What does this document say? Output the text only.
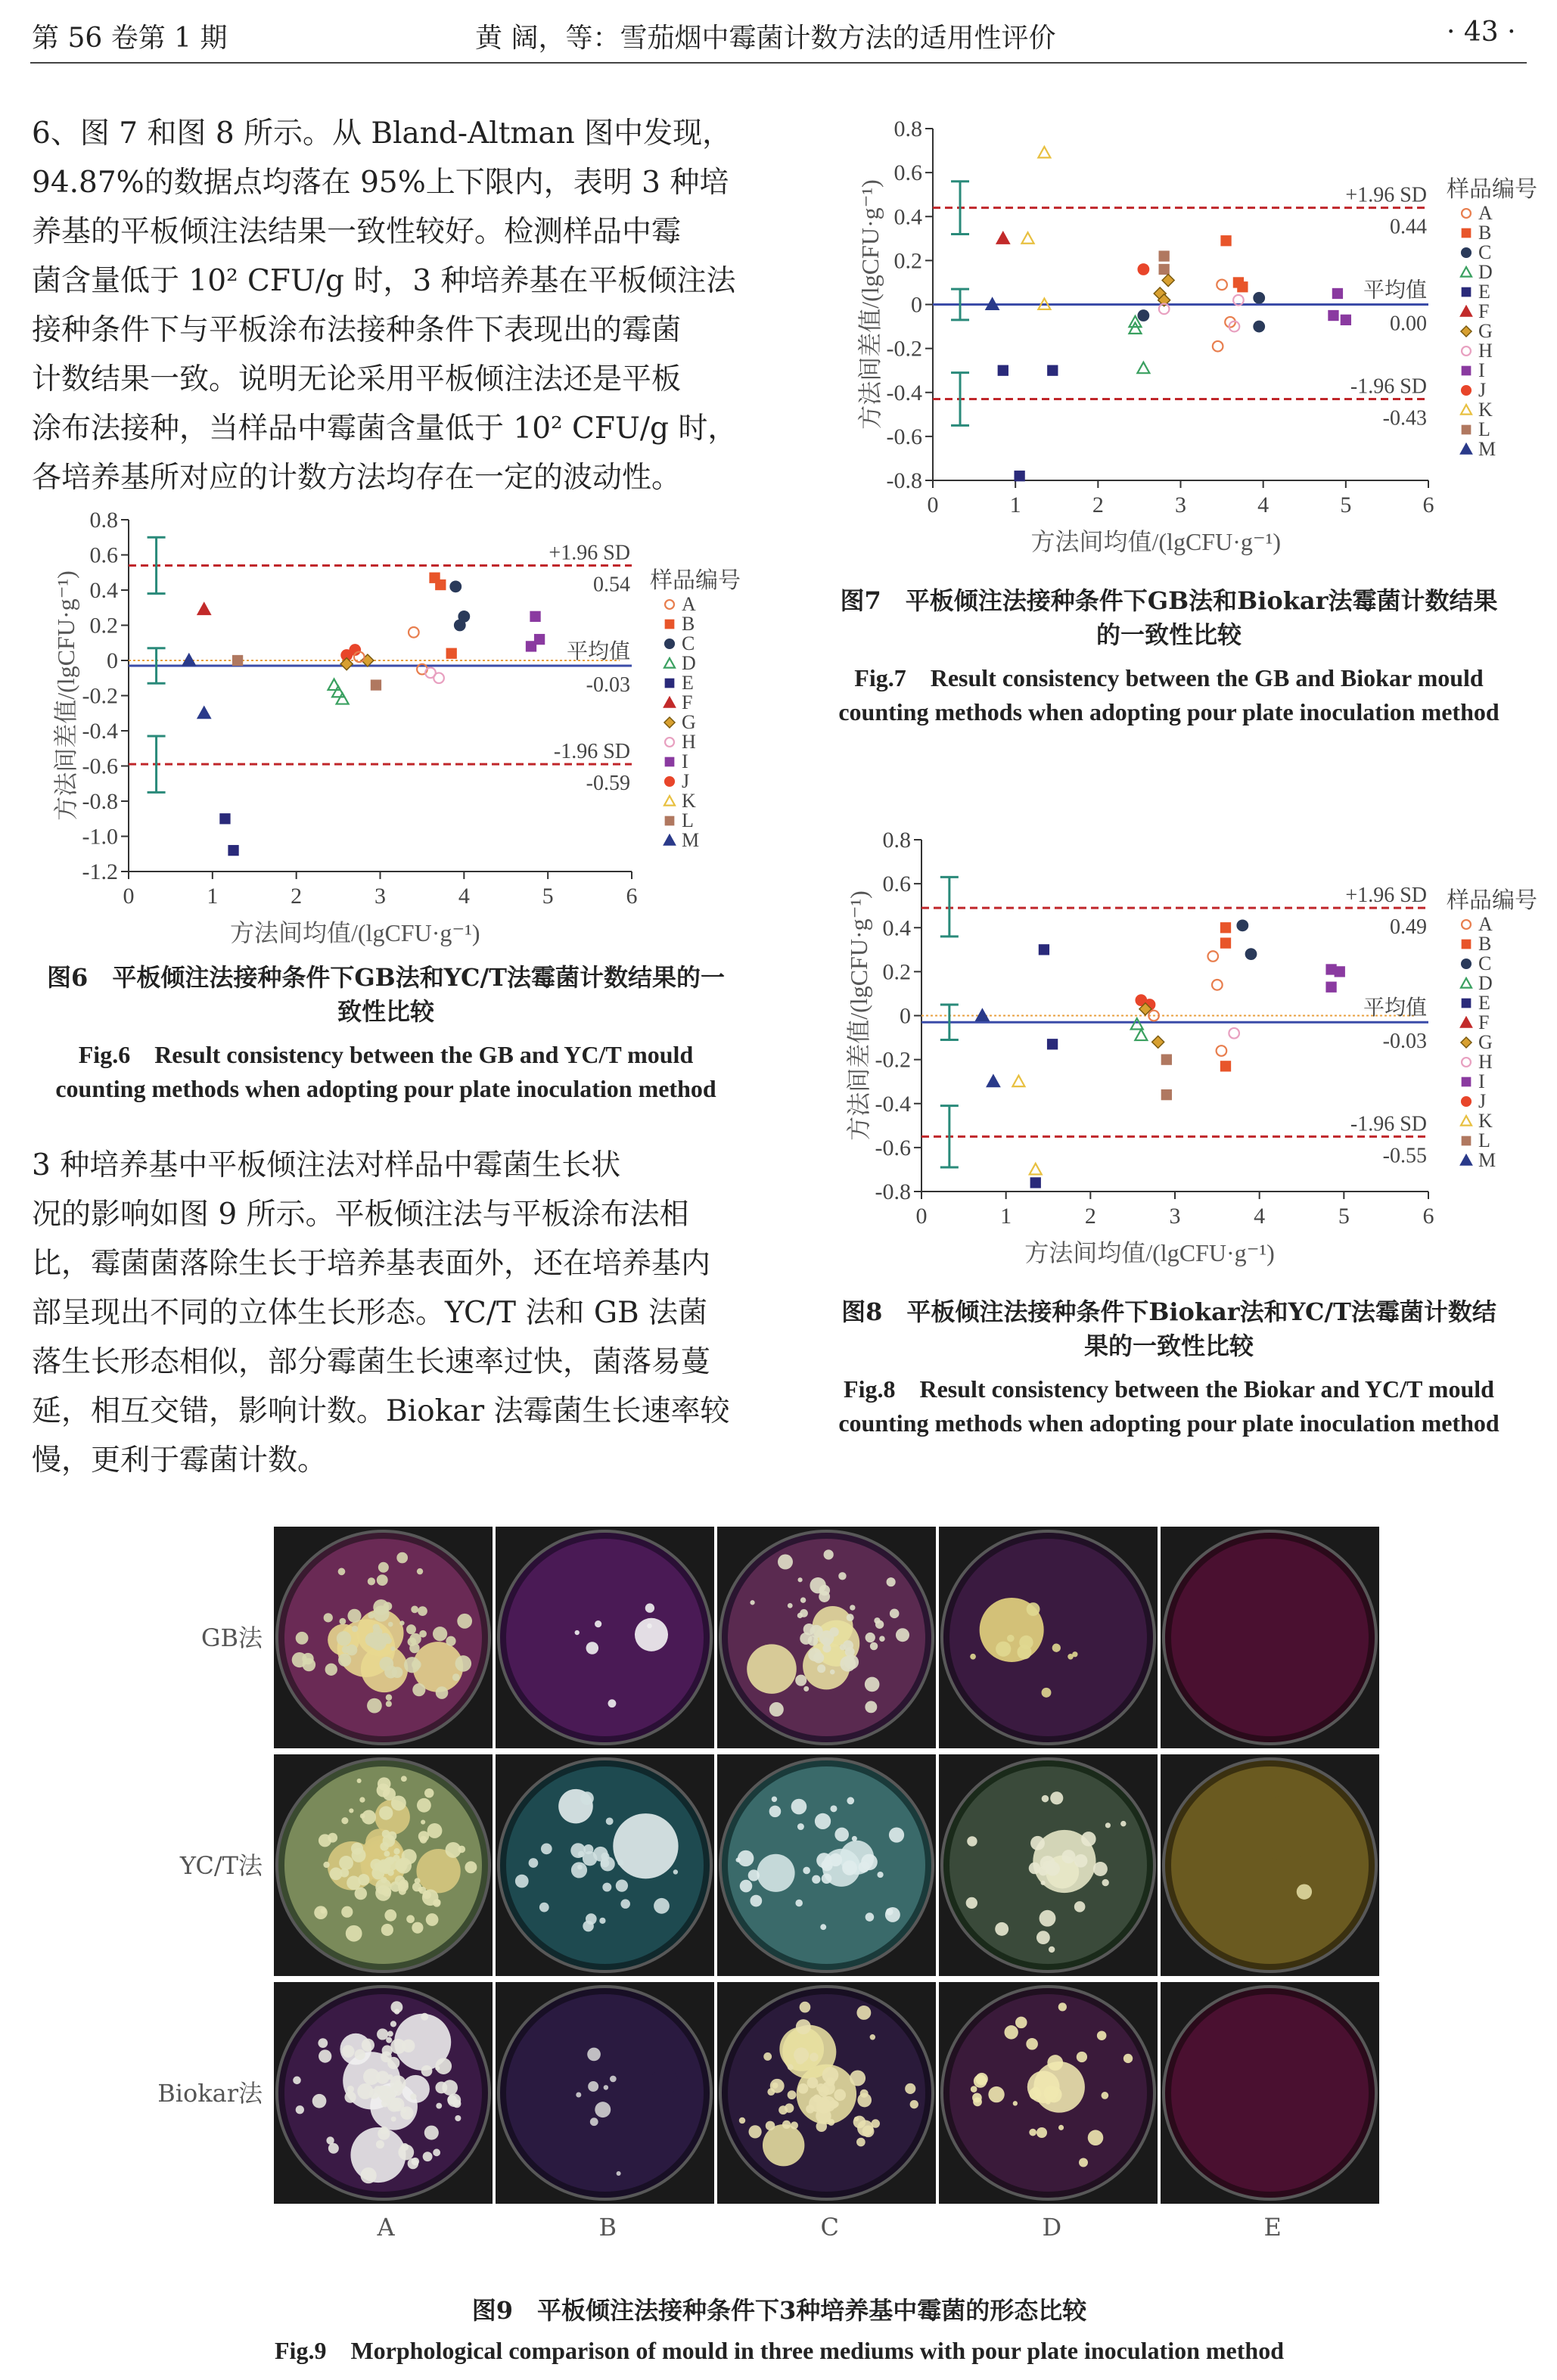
第 56 卷第 1 期	黄 阔，等：雪茄烟中霉菌计数方法的适用性评价	· 43 ·

6、图 7 和图 8 所示。从 Bland-Altman 图中发现，

94.87%的数据点均落在 95%上下限内，表明 3 种培

养基的平板倾注法结果一致性较好。检测样品中霉

菌含量低于 10² CFU/g 时，3 种培养基在平板倾注法

接种条件下与平板涂布法接种条件下表现出的霉菌

计数结果一致。说明无论采用平板倾注法还是平板

涂布法接种，当样品中霉菌含量低于 10² CFU/g 时，

各培养基所对应的计数方法均存在一定的波动性。

0.8
0.6
0.4
0.2
0
-0.2
-0.4
-0.6
-0.8
-1.0
-1.2
0	1	2	3	4	5	6
方法间均值/(lgCFU·g⁻¹)
方法间差值/(lgCFU·g⁻¹)
+1.96 SD
0.54
平均值
-0.03
-1.96 SD
-0.59
样品编号
A
B
C
D
E
F
G
H
I
J
K
L
M
图6　平板倾注法接种条件下GB法和YC/T法霉菌计数结果的一致性比较
Fig.6　Result consistency between the GB and YC/T mould counting methods when adopting pour plate inoculation method

3 种培养基中平板倾注法对样品中霉菌生长状

况的影响如图 9 所示。平板倾注法与平板涂布法相

比，霉菌菌落除生长于培养基表面外，还在培养基内

部呈现出不同的立体生长形态。YC/T 法和 GB 法菌

落生长形态相似，部分霉菌生长速率过快，菌落易蔓

延，相互交错，影响计数。Biokar 法霉菌生长速率较

慢，更利于霉菌计数。

0.8
0.6
0.4
0.2
0
-0.2
-0.4
-0.6
-0.8
0	1	2	3	4	5	6
方法间均值/(lgCFU·g⁻¹)
方法间差值/(lgCFU·g⁻¹)	+1.96 SD
0.44
平均值
0.00
-1.96 SD
-0.43
样品编号
A
B
C
D
E
F
G
H
I
J
K
L
M
图7　平板倾注法接种条件下GB法和Biokar法霉菌计数结果的一致性比较
Fig.7　Result consistency between the GB and Biokar mould counting methods when adopting pour plate inoculation method
0.8
0.6
0.4
0.2
0
-0.2
-0.4
-0.6
-0.8
0	1	2	3	4	5	6
方法间均值/(lgCFU·g⁻¹)
方法间差值/(lgCFU·g⁻¹)	+1.96 SD
0.49
平均值
-0.03
-1.96 SD
-0.55
样品编号
A
B
C
D
E
F
G
H
I
J
K
L
M
图8　平板倾注法接种条件下Biokar法和YC/T法霉菌计数结果的一致性比较
Fig.8　Result consistency between the Biokar and YC/T mould counting methods when adopting pour plate inoculation method
GB法
YC/T法
Biokar法
A	B	C	D	E
图9　平板倾注法接种条件下3种培养基中霉菌的形态比较
Fig.9　Morphological comparison of mould in three mediums with pour plate inoculation method
